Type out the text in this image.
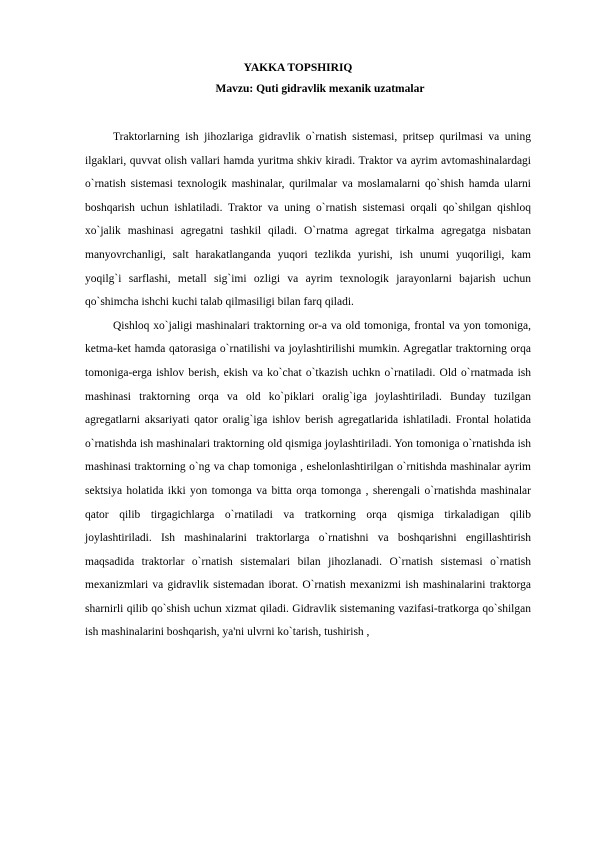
YAKKA TOPSHIRIQ
Mavzu: Quti gidravlik mexanik uzatmalar

Traktorlarning ish jihozlariga gidravlik o`rnatish sistemasi, pritsep qurilmasi va uning ilgaklari, quvvat olish vallari hamda yuritma shkiv kiradi. Traktor va ayrim avtomashinalardagi o`rnatish sistemasi texnologik mashinalar, qurilmalar va moslamalarni qo`shish hamda ularni boshqarish uchun ishlatiladi. Traktor va uning o`rnatish sistemasi orqali qo`shilgan qishloq xo`jalik mashinasi agregatni tashkil qiladi. O`rnatma agregat tirkalma agregatga nisbatan manyovrchanligi, salt harakatlanganda yuqori tezlikda yurishi, ish unumi yuqoriligi, kam yoqilg`i sarflashi, metall sig`imi ozligi va ayrim texnologik jarayonlarni bajarish uchun qo`shimcha ishchi kuchi talab qilmasiligi bilan farq qiladi.

Qishloq xo`jaligi mashinalari traktorning or-a va old tomoniga, frontal va yon tomoniga, ketma-ket hamda qatorasiga o`rnatilishi va joylashtirilishi mumkin. Agregatlar traktorning orqa tomoniga-erga ishlov berish, ekish va ko`chat o`tkazish uchkn o`rnatiladi. Old o`rnatmada ish mashinasi traktorning orqa va old ko`piklari oralig`iga joylashtiriladi. Bunday tuzilgan agregatlarni aksariyati qator oralig`iga ishlov berish agregatlarida ishlatiladi. Frontal holatida o`rnatishda ish mashinalari traktorning old qismiga joylashtiriladi. Yon tomoniga o`rnatishda ish mashinasi traktorning o`ng va chap tomoniga , eshelonlashtirilgan o`rnitishda mashinalar ayrim sektsiya holatida ikki yon tomonga va bitta orqa tomonga , sherengali o`rnatishda mashinalar qator qilib tirgagichlarga o`rnatiladi va tratkorning orqa qismiga tirkaladigan qilib joylashtiriladi. Ish mashinalarini traktorlarga o`rnatishni va boshqarishni engillashtirish maqsadida traktorlar o`rnatish sistemalari bilan jihozlanadi. O`rnatish sistemasi o`rnatish mexanizmlari va gidravlik sistemadan iborat. O`rnatish mexanizmi ish mashinalarini traktorga sharnirli qilib qo`shish uchun xizmat qiladi. Gidravlik sistemaning vazifasi-tratkorga qo`shilgan ish mashinalarini boshqarish, ya'ni ulvrni ko`tarish, tushirish ,
